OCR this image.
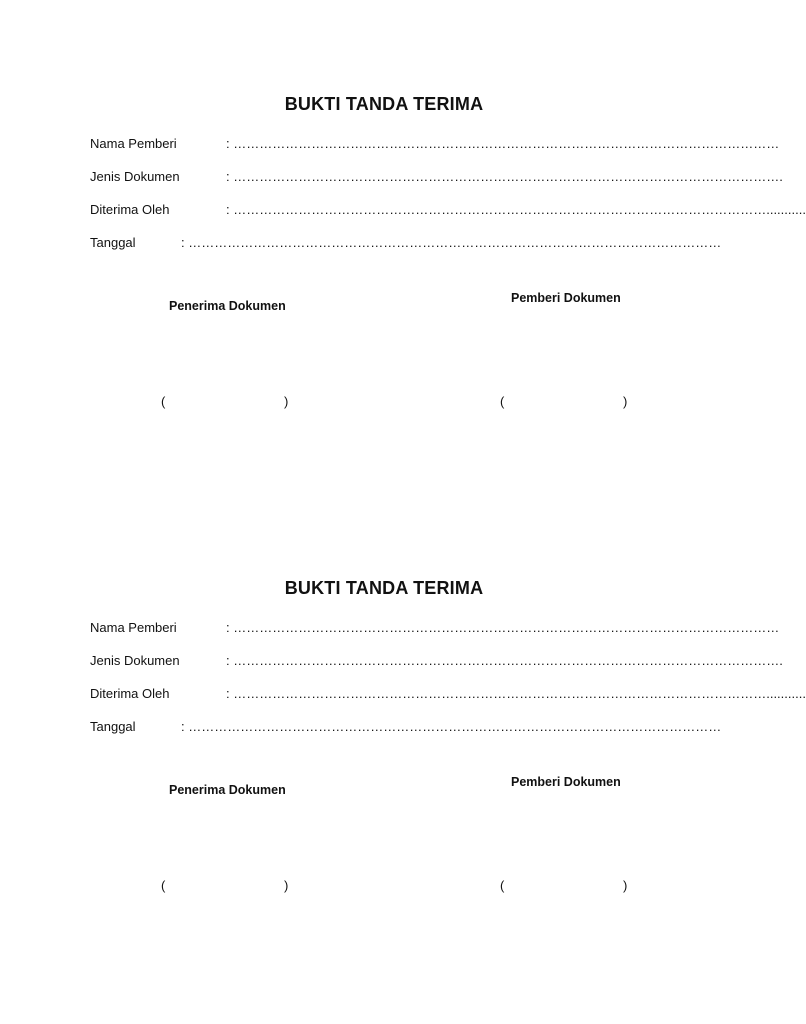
BUKTI TANDA TERIMA
Nama Pemberi	: ………………………………………………………………………………………………………………
Jenis Dokumen	: ……………………………………………………………………………………………………………….
Diterima Oleh	: ……………………………………………………………………………………………………………...........
Tanggal	: ……………………………………………………………………………………………………………
Penerima Dokumen
Pemberi Dokumen
(	)	(	)
BUKTI TANDA TERIMA
Nama Pemberi	: ………………………………………………………………………………………………………………
Jenis Dokumen	: ……………………………………………………………………………………………………………….
Diterima Oleh	: ……………………………………………………………………………………………………………...........
Tanggal	: ……………………………………………………………………………………………………………
Penerima Dokumen
Pemberi Dokumen
(	)	(	)
